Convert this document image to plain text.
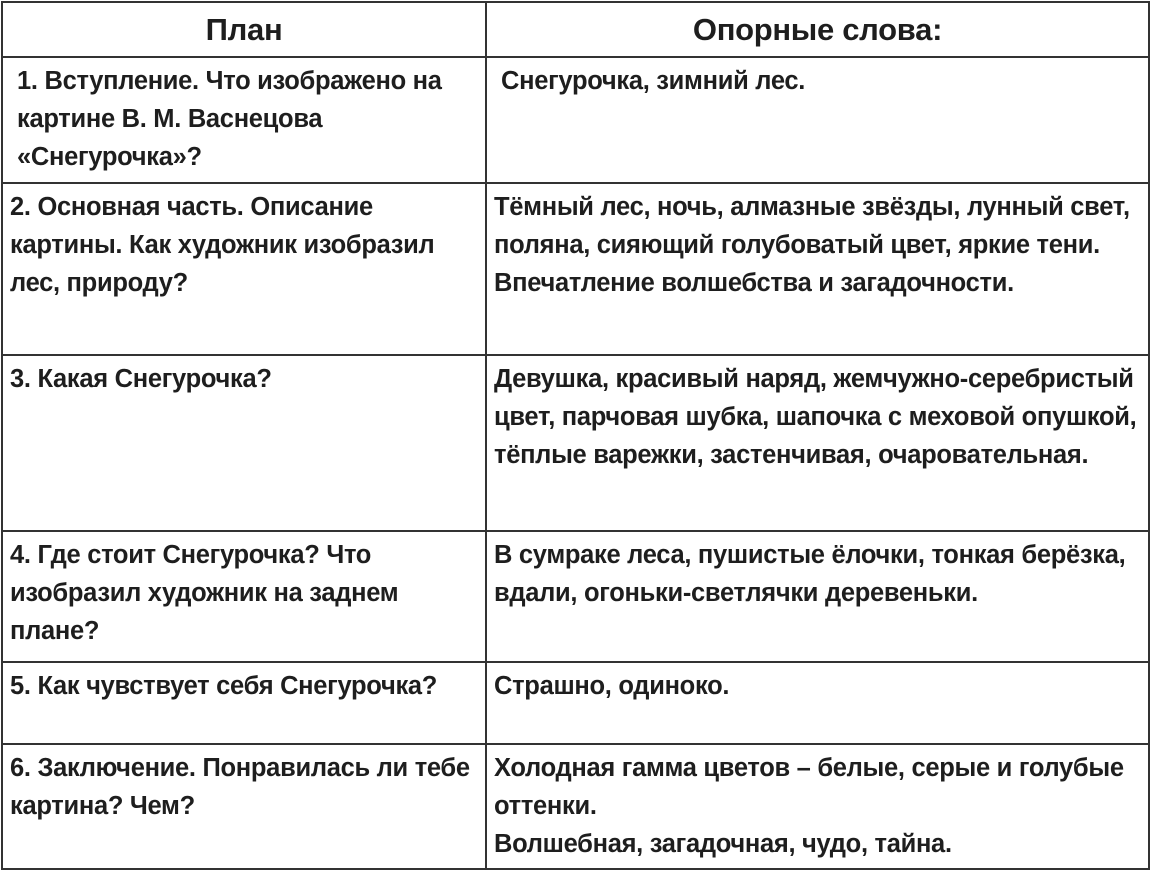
План	Опорные слова:

1. Вступление. Что изображено на картине В. М. Васнецова «Снегурочка»?	Снегурочка, зимний лес.

2. Основная часть. Описание картины. Как художник изобразил лес, природу?	Тёмный лес, ночь, алмазные звёзды, лунный свет, поляна, сияющий голубоватый цвет, яркие тени. Впечатление волшебства и загадочности.

3. Какая Снегурочка?	Девушка, красивый наряд, жемчужно-серебристый цвет, парчовая шубка, шапочка с меховой опушкой, тёплые варежки, застенчивая, очаровательная.

4. Где стоит Снегурочка? Что изобразил художник на заднем плане?	В сумраке леса, пушистые ёлочки, тонкая берёзка, вдали, огоньки-светлячки деревеньки.

5. Как чувствует себя Снегурочка?	Страшно, одиноко.

6. Заключение. Понравилась ли тебе картина? Чем?	Холодная гамма цветов – белые, серые и голубые оттенки.
Волшебная, загадочная, чудо, тайна.
